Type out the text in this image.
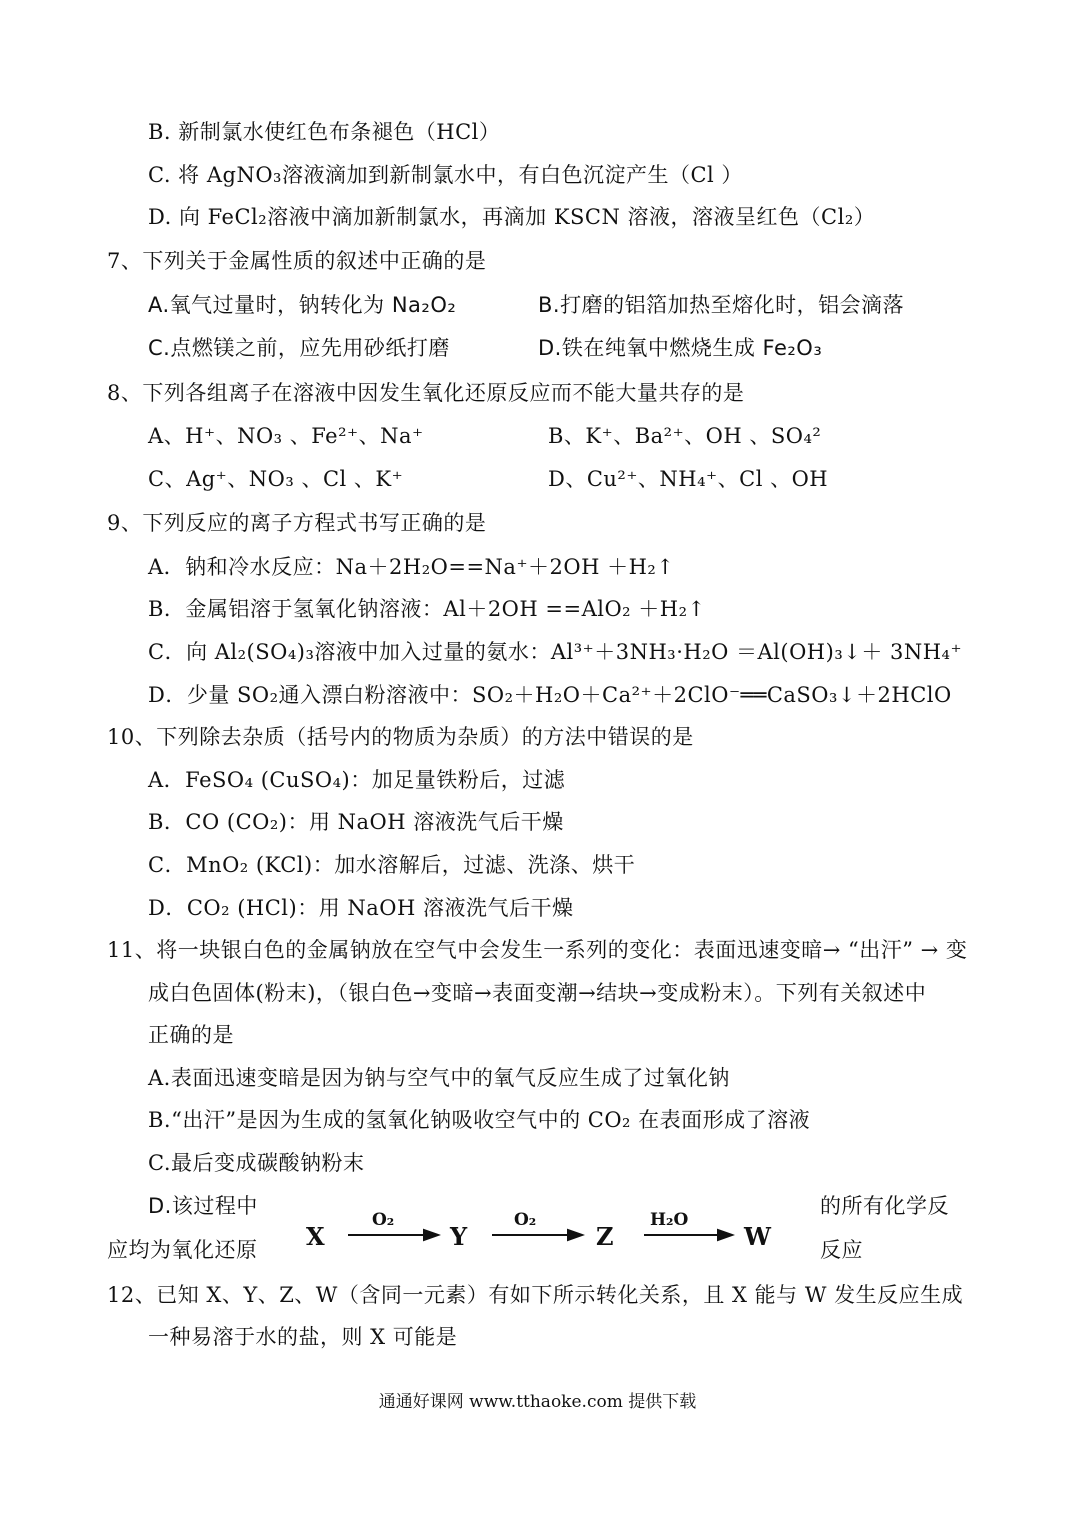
B. 新制氯水使红色布条褪色（HCl）
C. 将 AgNO₃溶液滴加到新制氯水中，有白色沉淀产生（Cl ）
D. 向 FeCl₂溶液中滴加新制氯水，再滴加 KSCN 溶液，溶液呈红色（Cl₂）
7、下列关于金属性质的叙述中正确的是
A.氧气过量时，钠转化为 Na₂O₂	B.打磨的铝箔加热至熔化时，铝会滴落
C.点燃镁之前，应先用砂纸打磨	D.铁在纯氧中燃烧生成 Fe₂O₃
8、下列各组离子在溶液中因发生氧化还原反应而不能大量共存的是
A、H⁺、NO₃ 、Fe²⁺、Na⁺	B、K⁺、Ba²⁺、OH 、SO₄²
C、Ag⁺、NO₃ 、Cl 、K⁺	D、Cu²⁺、NH₄⁺、Cl 、OH
9、下列反应的离子方程式书写正确的是
A．钠和冷水反应：Na＋2H₂O==Na⁺＋2OH ＋H₂↑
B．金属铝溶于氢氧化钠溶液：Al＋2OH ==AlO₂ ＋H₂↑
C．向 Al₂(SO₄)₃溶液中加入过量的氨水：Al³⁺＋3NH₃·H₂O ＝Al(OH)₃↓＋ 3NH₄⁺
D．少量 SO₂通入漂白粉溶液中：SO₂＋H₂O＋Ca²⁺＋2ClO⁻══CaSO₃↓＋2HClO
10、下列除去杂质（括号内的物质为杂质）的方法中错误的是
A．FeSO₄ (CuSO₄)：加足量铁粉后，过滤
B．CO (CO₂)：用 NaOH 溶液洗气后干燥
C．MnO₂ (KCl)：加水溶解后，过滤、洗涤、烘干
D．CO₂ (HCl)：用 NaOH 溶液洗气后干燥
11、将一块银白色的金属钠放在空气中会发生一系列的变化：表面迅速变暗→ “出汗” → 变
成白色固体(粉末)，（银白色→变暗→表面变潮→结块→变成粉末）。下列有关叙述中
正确的是
A.表面迅速变暗是因为钠与空气中的氧气反应生成了过氧化钠
B.“出汗”是因为生成的氢氧化钠吸收空气中的 CO₂ 在表面形成了溶液
C.最后变成碳酸钠粉末
D.该过程中
应均为氧化还原
的所有化学反
反应
X	Y	Z	W
O₂	O₂	H₂O
12、已知 X、Y、Z、W（含同一元素）有如下所示转化关系，且 X 能与 W 发生反应生成
一种易溶于水的盐，则 X 可能是
通通好课网 www.tthaoke.com 提供下载
